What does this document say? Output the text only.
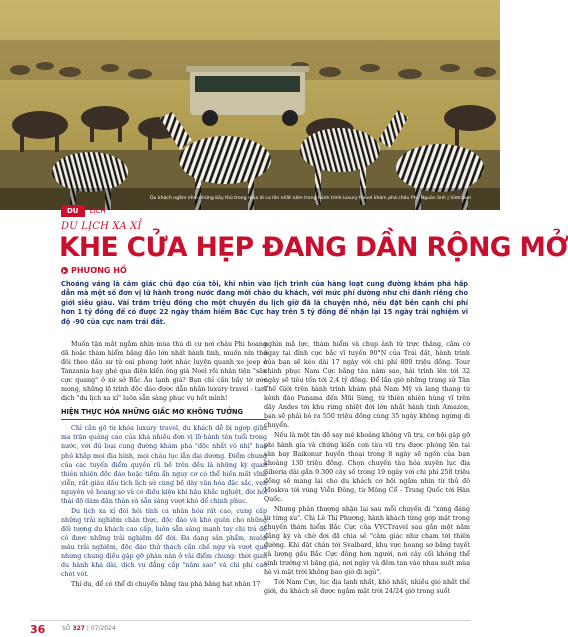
Du khách ngắm nhìn những bầy thú trong mùa di cư lớn nhất năm trong hành trình luxury travel khám phá châu Phi. Nguồn ảnh | Vietravel
DU	LỊCH
DU LỊCH XA XỈ
KHE CỬA HẸP ĐANG DẦN RỘNG MỞ
PHƯƠNG HỒ
Choáng váng là cảm giác chủ đạo của tôi, khi nhìn vào lịch trình của hàng loạt cung đường khám phá hấp dẫn mà một số đơn vị lữ hành trong nước đang mời chào du khách, với mức phí dường như chỉ dành riêng cho giới siêu giàu. Vài trăm triệu đồng cho một chuyến du lịch giờ đã là chuyện nhỏ, nếu đặt bên cạnh chi phí hơn 1 tỷ đồng để có được 22 ngày thám hiểm Bắc Cực hay trên 5 tỷ đồng để nhận lại 15 ngày trải nghiệm vi độ -90 của cực nam trái đất.

Muốn tận mắt ngắm nhìn mùa thú di cư nơi châu Phi hoang dã hoặc thám hiểm băng đảo lớn nhất hành tinh, muốn nín thở đôi theo dấu sư tử oai phong lướt nhác luyện quanh xe jeep ở Tanzania hay ghé qua điện kiến ông già Noel rồi nhân tiện "săn cực quang" ở xứ sở Bắc Âu lạnh giá? Bạn chỉ cần bấy tờ ước mong, những lộ trình độc đáo được dẫn nhãn luxury travel - tạm dịch "du lịch xa xỉ" luôn sẵn sàng phục vụ hết mình!

HIỆN THỰC HÓA NHỮNG GIẤC MƠ KHÔNG TƯỞNG

Chỉ cần gõ từ khóa luxury travel, du khách dễ bị ngợp giữa ma trận quảng cáo của khá nhiều đơn vị lữ hành tên tuổi trong nước, với đủ loại cung đường khám phá "độc nhất vô nhị" bao phủ khắp mọi địa hình, mọi châu lục lẫn đại dương. Điểm chung của các tuyến điểm quyến rũ bề trên đều là những kỳ quan thiên nhiên độc đáo hoặc tiềm ẩn nguy cơ có thể biến mất vĩnh viễn, rất giàu dấu tích lịch sử cùng bề dày văn hóa đặc sắc, vẹn nguyên vẻ hoang sơ và có điều kiện khí hậu khắc nghiệt, đòi hỏi thái độ dám đấn thân và sẵn sàng vượt khó để chinh phục.

Du lịch xa xỉ đòi hỏi tính cá nhân hóa rất cao, cung cấp những trải nghiệm chân thực, độc đáo và khó quên cho những đối tượng du khách cao cấp, luôn sẵn sàng mạnh tay chi trả để có được những trải nghiệm để đời. Đa dạng sản phẩm, muôn màu trải nghiệm, độc đáo thử thách cần chế ngự và vượt qua nhưng chung điều gặp gỡ phàn nàn ở vài điểm chung: thời gian du hành khá dài, dịch vụ đẳng cấp "năm sao" và chi phí cao chót vót.

Thí dụ, để có thể di chuyển bằng tàu phá băng hạt nhân 17

nghìn mã lực, thám hiểm và chụp ảnh từ trực thăng, cắm cờ ngay tại đỉnh cực bắc vĩ tuyến 90°N của Trái đất, hành trình của bạn sẽ kéo dài 17 ngày với chi phí 800 triệu đồng. Tour chinh phục Nam Cực bằng tàu nâm sao, hải trình lên tới 32 ngày sẽ tiêu tốn tới 2,4 tỷ đồng. Để lần giờ những trang sử Tân Thế Giới trên hành trình khám phá Nam Mỹ và lang thang từ kênh đào Panama đến Mũi Sừng, từ thiên nhiên hùng vĩ trên dãy Andes tới khu rừng nhiệt đới lớn nhất hành tinh Amazon, bạn sẽ phải bỏ ra 550 triệu đồng cùng 35 ngày không ngừng di chuyển.

Nếu là một tín đồ say mê khoảng không vũ trụ, cơ hội gặp gỡ phi hành gia và chứng kiến con tàu vũ trụ được phóng lên tại sân bay Baikonur huyền thoại trong 8 ngày sẽ ngốn của bạn khoảng 130 triệu đồng. Chọn chuyến tàu hỏa xuyên lục địa Siberia dài gần 9.300 cây số trong 19 ngày với chi phí 258 triệu đồng sẽ mang lại cho du khách cơ hội ngắm nhìn từ thủ đô Moskva tới vùng Viễn Đông, từ Mông Cổ - Trung Quốc tới Hàn Quốc.

Nhưng phân thượng nhận lại sau mỗi chuyến đi "xứng đáng từ từng xu". Chị Lê Thị Phương, hành khách từng góp mặt trong chuyến thám hiểm Bắc Cực của VYCTravel sau gần một năm đằng ký và chờ đợi đã chia sẻ "cảm giác như chạm tới thiên đường. Khi đặt chân tới Svalbard, khu vực hoang sơ băng tuyết và lượng gấu Bắc Cực đông hơn người, nơi cây cối không thể sinh trưởng vì băng giá, nơi ngày và đêm tan vào nhau suốt mùa hè vì mặt trời không bao giờ đi ngủ".

Tới Nam Cực, lục địa lạnh nhất, khô nhất, nhiều gió nhất thế giới, du khách sẽ được ngắm mặt trời 24/24 giờ trong suốt

36	SỐ 327 | 07/2024
